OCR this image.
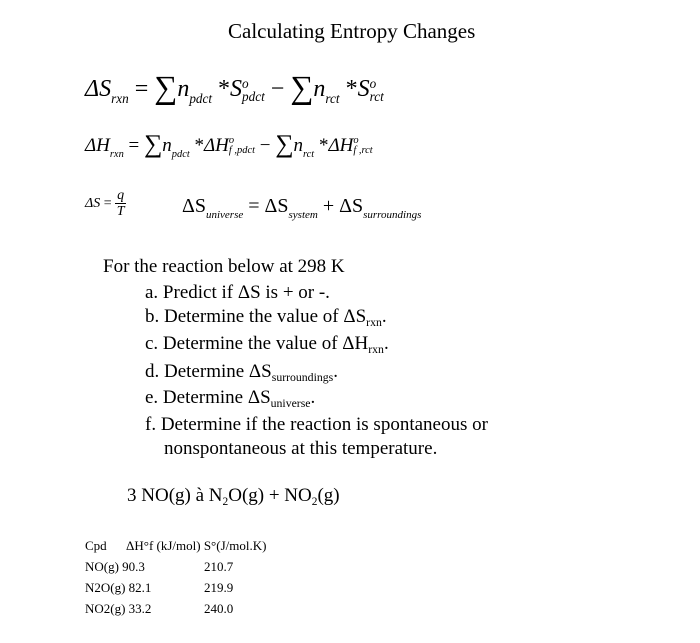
Calculating Entropy Changes
$\Delta S_{rxn} = \sum n_{pdct}$ *S o
pdct − $\sum n_{rct}$ *S o
rct
$\Delta H_{rxn} = \sum n_{pdct}$ *ΔH o
f ,pdct − $\sum n_{rct}$ *ΔH o
f ,rct
$\Delta S = \frac{q}{T}$	$\Delta S_{universe} = \Delta S_{system} + \Delta S_{surroundings}$
For the reaction below at 298 K
a. Predict if ΔS is + or -.
b. Determine the value of $\Delta S_{rxn}$.
c. Determine the value of $\Delta H_{rxn}$.
d. Determine $\Delta S_{surroundings}$.
e. Determine $\Delta S_{universe}$.
f. Determine if the reaction is spontaneous or
nonspontaneous at this temperature.
3 NO(g) à $N_2O(g) + NO_2(g)$
Cpd ΔH°f (kJ/mol) S°(J/mol.K)
NO(g) 90.3	210.7
N2O(g) 82.1	219.9
NO2(g) 33.2	240.0
